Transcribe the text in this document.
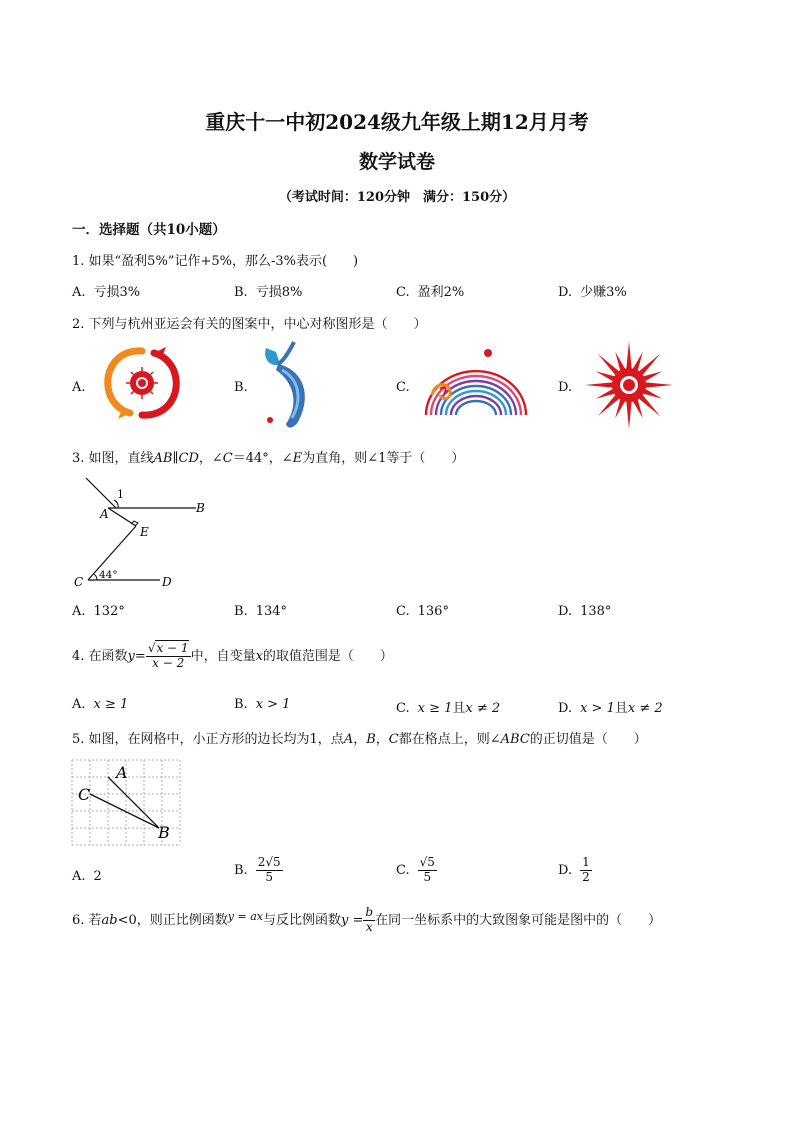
重庆十一中初2024级九年级上期12月月考
数学试卷
（考试时间：120分钟　满分：150分）
一．选择题（共10小题）
1. 如果“盈利5%”记作+5%，那么-3%表示(　　)
A. 亏损3%	B. 亏损8%	C. 盈利2%	D. 少赚3%
2. 下列与杭州亚运会有关的图案中，中心对称图形是（　　）
A.	B.	C.	D.
3. 如图，直线AB∥CD，∠C＝44°，∠E为直角，则∠1等于（　　）
1
A	B
E
C	D
44°
A. 132°	B. 134°	C. 136°	D. 138°
4. 在函数$y= \frac{√x - 1}{x - 2}$ 中，自变量x的取值范围是（　　）
A. x ≥ 1	B. x > 1	C. x ≥ 1且x ≠ 2	D. x > 1且x ≠ 2
5. 如图，在网格中，小正方形的边长均为1，点A，B，C都在格点上，则∠ABC的正切值是（　　）
A
C
B
A. 2	B. $\frac{2√5}{5}$	C. $\frac{√5}{5}$	D. $\frac{1}{2}$
6. 若ab<0，则正比例函数$^{y = ax}$与反比例函数$y = \frac{b}{x}$ 在同一坐标系中的大致图象可能是图中的（　　）
